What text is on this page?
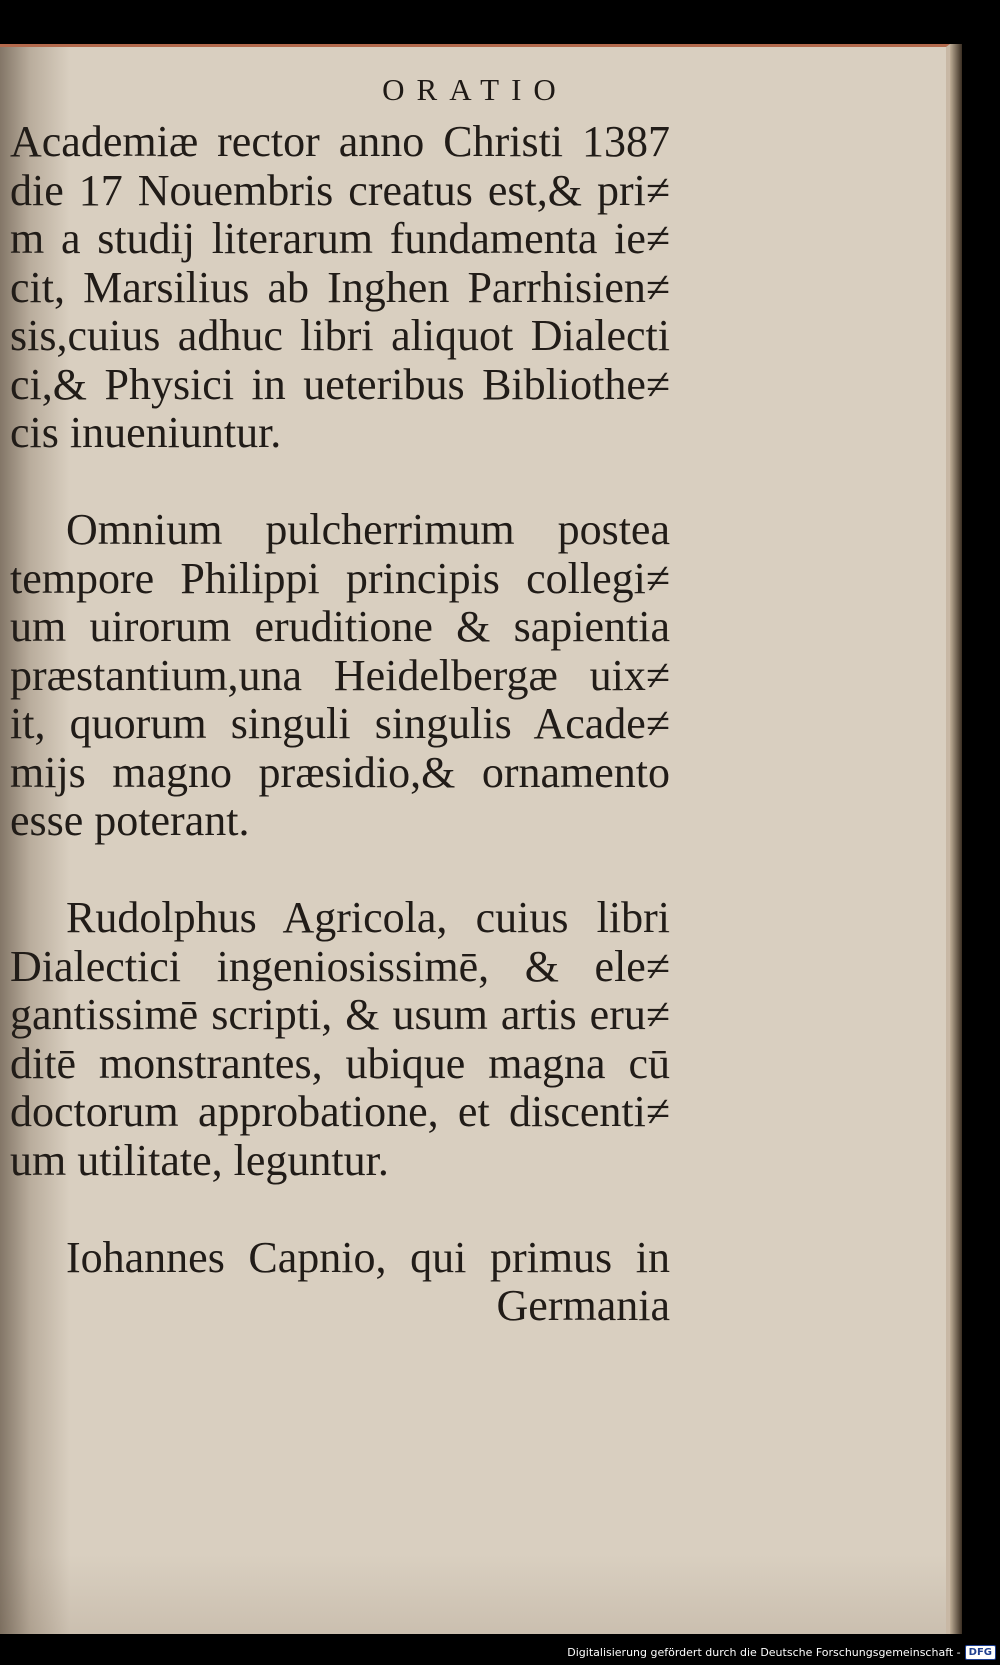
ORATIO
Academiæ rector anno Christi 1387
die 17 Nouembris creatus est,& pri≠
m a studij literarum fundamenta ie≠
cit, Marsilius ab Inghen Parrhisien≠
sis,cuius adhuc libri aliquot Dialecti
ci,& Physici in ueteribus Bibliothe≠
cis inueniuntur.
Omnium pulcherrimum postea
tempore Philippi principis collegi≠
um uirorum eruditione & sapientia
præstantium,una Heidelbergæ uix≠
it, quorum singuli singulis Acade≠
mijs magno præsidio,& ornamento
esse poterant.
Rudolphus Agricola, cuius libri
Dialectici ingeniosissimē, & ele≠
gantissimē scripti, & usum artis eru≠
ditē monstrantes, ubique magna cū
doctorum approbatione, et discenti≠
um utilitate, leguntur.
Iohannes Capnio, qui primus in
Germania
Digitalisierung gefördert durch die Deutsche Forschungsgemeinschaft - DFG
